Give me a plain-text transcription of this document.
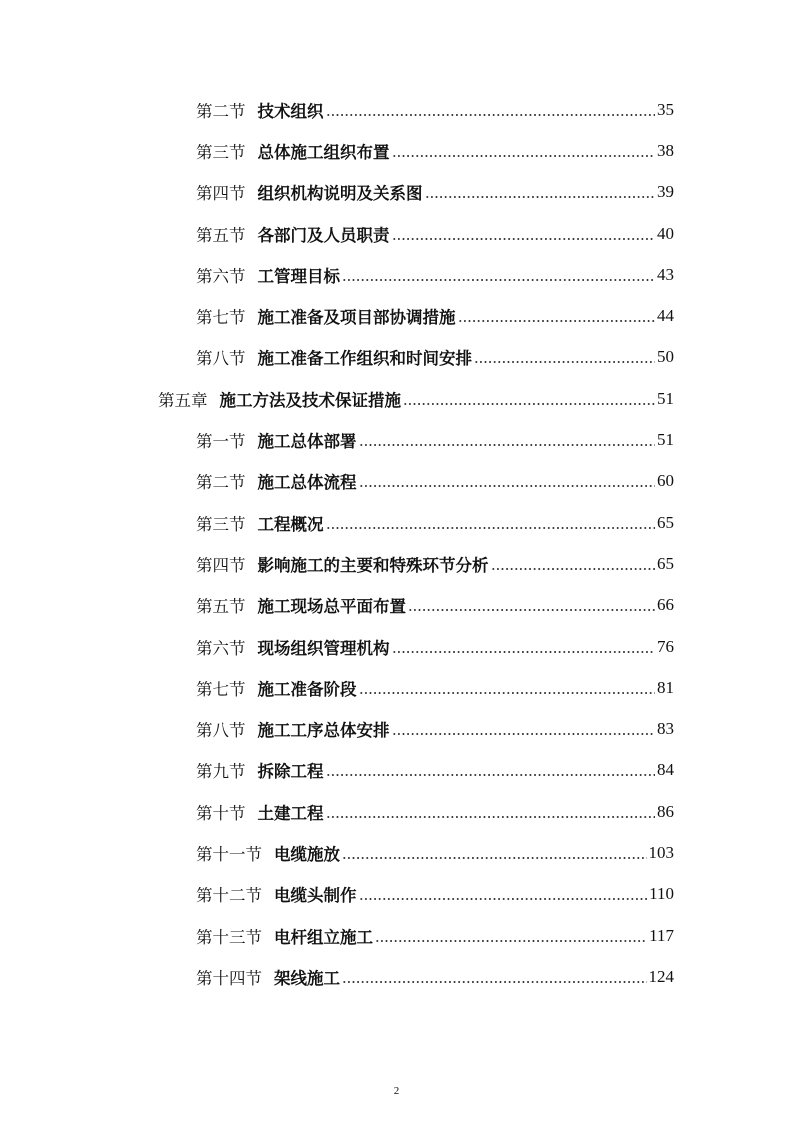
第二节 技术组织	35
第三节 总体施工组织布置	38
第四节 组织机构说明及关系图	39
第五节 各部门及人员职责	40
第六节 工管理目标	43
第七节 施工准备及项目部协调措施	44
第八节 施工准备工作组织和时间安排	50
第五章 施工方法及技术保证措施	51
第一节 施工总体部署	51
第二节 施工总体流程	60
第三节 工程概况	65
第四节 影响施工的主要和特殊环节分析	65
第五节 施工现场总平面布置	66
第六节 现场组织管理机构	76
第七节 施工准备阶段	81
第八节 施工工序总体安排	83
第九节 拆除工程	84
第十节 土建工程	86
第十一节 电缆施放	103
第十二节 电缆头制作	110
第十三节 电杆组立施工	117
第十四节 架线施工	124
2
